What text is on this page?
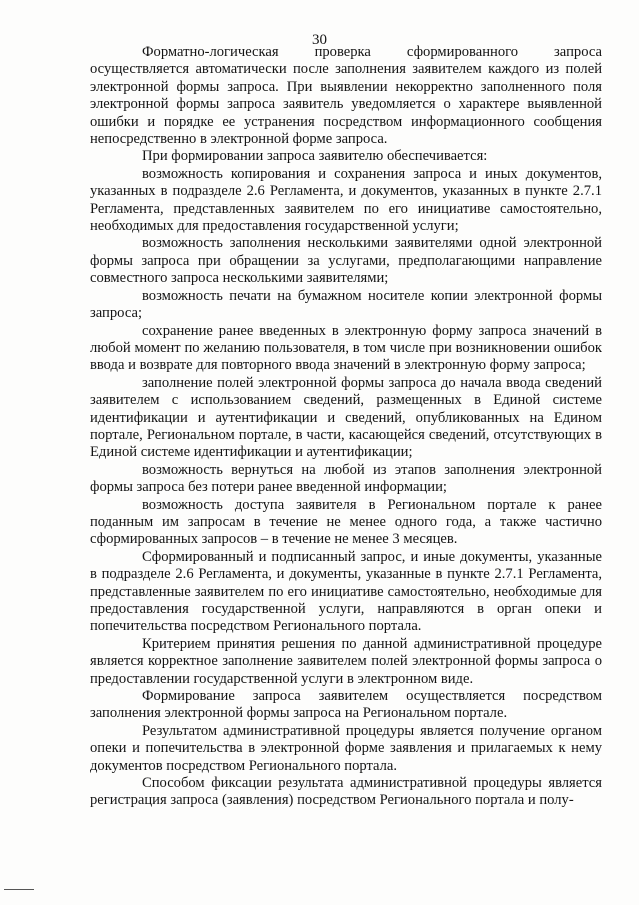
30

Форматно-логическая проверка сформированного запроса осуществляется автоматически после заполнения заявителем каждого из полей электронной формы запроса. При выявлении некорректно заполненного поля электронной формы запроса заявитель уведомляется о характере выявленной ошибки и порядке ее устранения посредством информационного сообщения непосредственно в электронной форме запроса.

При формировании запроса заявителю обеспечивается:

возможность копирования и сохранения запроса и иных документов, указанных в подразделе 2.6 Регламента, и документов, указанных в пункте 2.7.1 Регламента, представленных заявителем по его инициативе самостоятельно, необходимых для предоставления государственной услуги;

возможность заполнения несколькими заявителями одной электронной формы запроса при обращении за услугами, предполагающими направление совместного запроса несколькими заявителями;

возможность печати на бумажном носителе копии электронной формы запроса;

сохранение ранее введенных в электронную форму запроса значений в любой момент по желанию пользователя, в том числе при возникновении ошибок ввода и возврате для повторного ввода значений в электронную форму запроса;

заполнение полей электронной формы запроса до начала ввода сведений заявителем с использованием сведений, размещенных в Единой системе идентификации и аутентификации и сведений, опубликованных на Едином портале, Региональном портале, в части, касающейся сведений, отсутствующих в Единой системе идентификации и аутентификации;

возможность вернуться на любой из этапов заполнения электронной формы запроса без потери ранее введенной информации;

возможность доступа заявителя в Региональном портале к ранее поданным им запросам в течение не менее одного года, а также частично сформированных запросов – в течение не менее 3 месяцев.

Сформированный и подписанный запрос, и иные документы, указанные в подразделе 2.6 Регламента, и документы, указанные в пункте 2.7.1 Регламента, представленные заявителем по его инициативе самостоятельно, необходимые для предоставления государственной услуги, направляются в орган опеки и попечительства посредством Регионального портала.

Критерием принятия решения по данной административной процедуре является корректное заполнение заявителем полей электронной формы запроса о предоставлении государственной услуги в электронном виде.

Формирование запроса заявителем осуществляется посредством заполнения электронной формы запроса на Региональном портале.

Результатом административной процедуры является получение органом опеки и попечительства в электронной форме заявления и прилагаемых к нему документов посредством Регионального портала.

Способом фиксации результата административной процедуры является регистрация запроса (заявления) посредством Регионального портала и полу-
